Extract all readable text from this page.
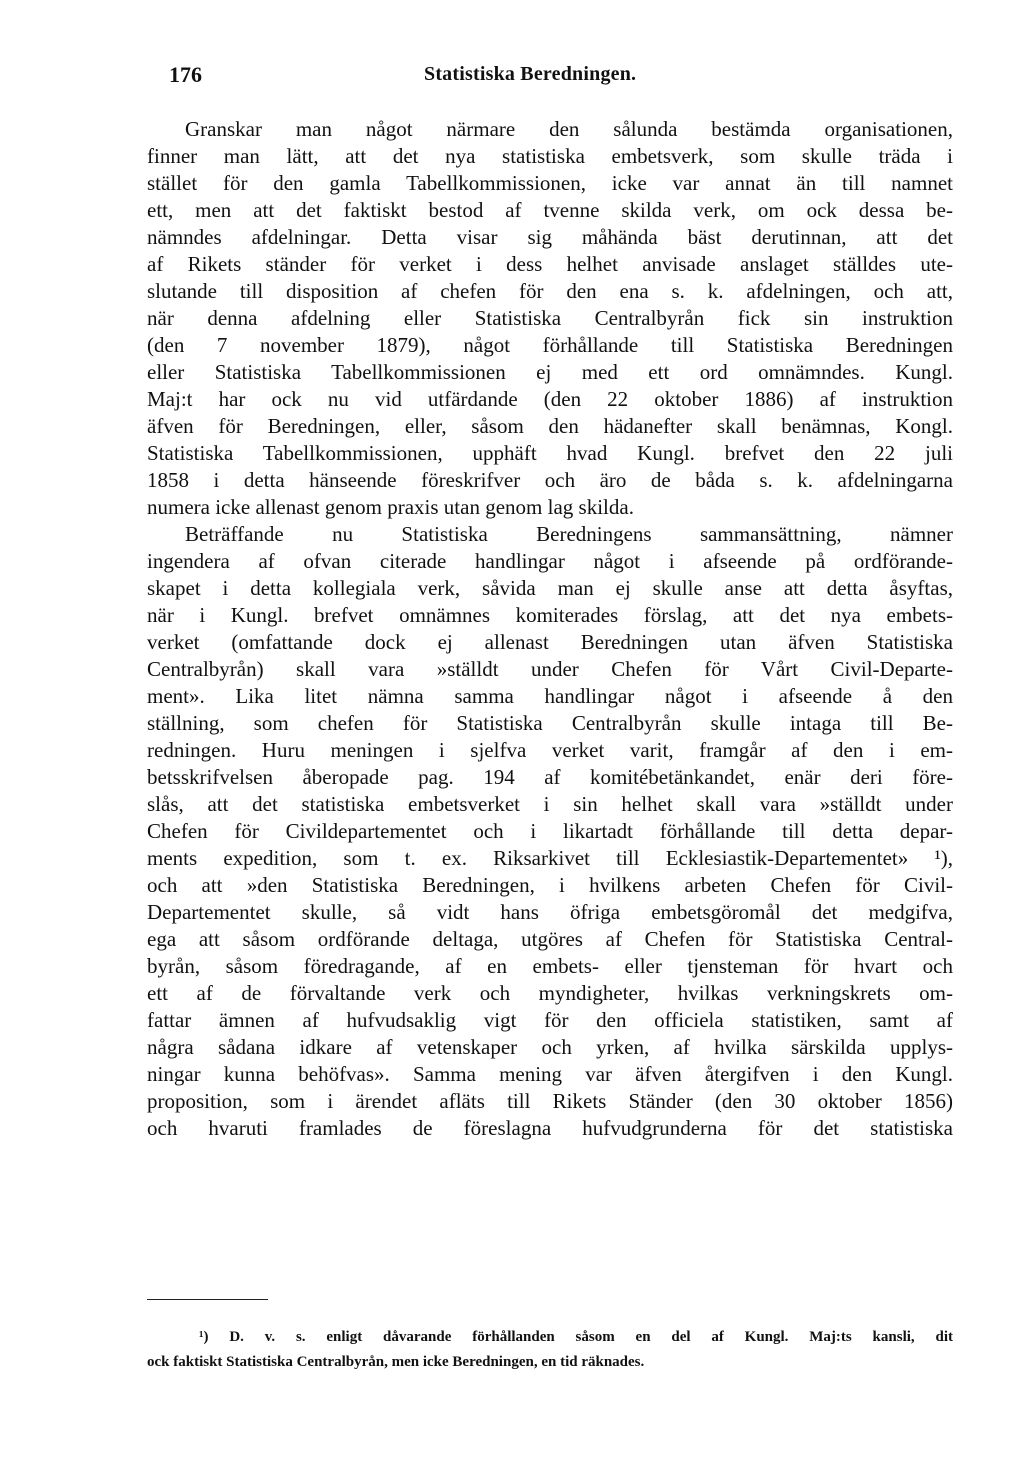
176	Statistiska Beredningen.
Granskar man något närmare den sålunda bestämda organisationen,
finner man lätt, att det nya statistiska embetsverk, som skulle träda i
stället för den gamla Tabellkommissionen, icke var annat än till namnet
ett, men att det faktiskt bestod af tvenne skilda verk, om ock dessa be-
nämndes afdelningar. Detta visar sig måhända bäst derutinnan, att det
af Rikets ständer för verket i dess helhet anvisade anslaget ställdes ute-
slutande till disposition af chefen för den ena s. k. afdelningen, och att,
när denna afdelning eller Statistiska Centralbyrån fick sin instruktion
(den 7 november 1879), något förhållande till Statistiska Beredningen
eller Statistiska Tabellkommissionen ej med ett ord omnämndes. Kungl.
Maj:t har ock nu vid utfärdande (den 22 oktober 1886) af instruktion
äfven för Beredningen, eller, såsom den hädanefter skall benämnas, Kongl.
Statistiska Tabellkommissionen, upphäft hvad Kungl. brefvet den 22 juli
1858 i detta hänseende föreskrifver och äro de båda s. k. afdelningarna
numera icke allenast genom praxis utan genom lag skilda.
Beträffande nu Statistiska Beredningens sammansättning, nämner
ingendera af ofvan citerade handlingar något i afseende på ordförande-
skapet i detta kollegiala verk, såvida man ej skulle anse att detta åsyftas,
när i Kungl. brefvet omnämnes komiterades förslag, att det nya embets-
verket (omfattande dock ej allenast Beredningen utan äfven Statistiska
Centralbyrån) skall vara »ställdt under Chefen för Vårt Civil-Departe-
ment». Lika litet nämna samma handlingar något i afseende å den
ställning, som chefen för Statistiska Centralbyrån skulle intaga till Be-
redningen. Huru meningen i sjelfva verket varit, framgår af den i em-
betsskrifvelsen åberopade pag. 194 af komitébetänkandet, enär deri före-
slås, att det statistiska embetsverket i sin helhet skall vara »ställdt under
Chefen för Civildepartementet och i likartadt förhållande till detta depar-
ments expedition, som t. ex. Riksarkivet till Ecklesiastik-Departementet» ¹),
och att »den Statistiska Beredningen, i hvilkens arbeten Chefen för Civil-
Departementet skulle, så vidt hans öfriga embetsgöromål det medgifva,
ega att såsom ordförande deltaga, utgöres af Chefen för Statistiska Central-
byrån, såsom föredragande, af en embets- eller tjensteman för hvart och
ett af de förvaltande verk och myndigheter, hvilkas verkningskrets om-
fattar ämnen af hufvudsaklig vigt för den officiela statistiken, samt af
några sådana idkare af vetenskaper och yrken, af hvilka särskilda upplys-
ningar kunna behöfvas». Samma mening var äfven återgifven i den Kungl.
proposition, som i ärendet afläts till Rikets Ständer (den 30 oktober 1856)
och hvaruti framlades de föreslagna hufvudgrunderna för det statistiska
¹) D. v. s. enligt dåvarande förhållanden såsom en del af Kungl. Maj:ts kansli, dit
ock faktiskt Statistiska Centralbyrån, men icke Beredningen, en tid räknades.
